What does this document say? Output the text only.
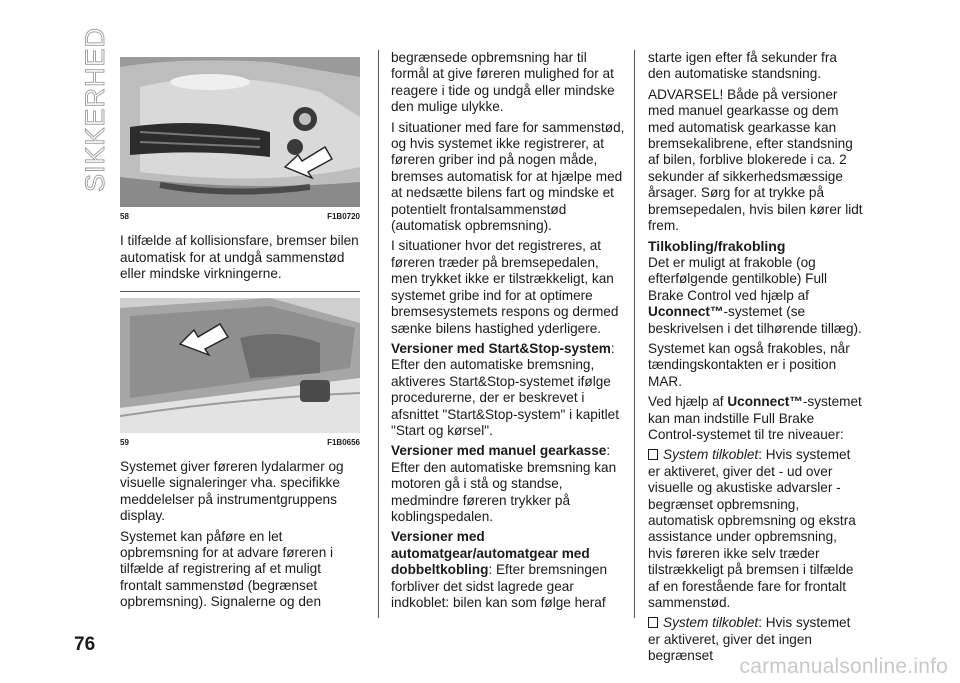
SIKKERHED
58	F1B0720

I tilfælde af kollisionsfare, bremser bilen automatisk for at undgå sammenstød eller mindske virkningerne.

59	F1B0656

Systemet giver føreren lydalarmer og visuelle signaleringer vha. specifikke meddelelser på instrumentgruppens display.

Systemet kan påføre en let opbremsning for at advare føreren i tilfælde af registrering af et muligt frontalt sammenstød (begrænset opbremsning). Signalerne og den

begrænsede opbremsning har til formål at give føreren mulighed for at reagere i tide og undgå eller mindske den mulige ulykke.

I situationer med fare for sammenstød, og hvis systemet ikke registrerer, at føreren griber ind på nogen måde, bremses automatisk for at hjælpe med at nedsætte bilens fart og mindske et potentielt frontalsammenstød (automatisk opbremsning).

I situationer hvor det registreres, at føreren træder på bremsepedalen, men trykket ikke er tilstrækkeligt, kan systemet gribe ind for at optimere bremsesystemets respons og dermed sænke bilens hastighed yderligere.

Versioner med Start&Stop-system: Efter den automatiske bremsning, aktiveres Start&Stop-systemet ifølge procedurerne, der er beskrevet i afsnittet "Start&Stop-system" i kapitlet "Start og kørsel".

Versioner med manuel gearkasse: Efter den automatiske bremsning kan motoren gå i stå og standse, medmindre føreren trykker på koblingspedalen.

Versioner med automatgear/automatgear med dobbeltkobling: Efter bremsningen forbliver det sidst lagrede gear indkoblet: bilen kan som følge heraf

starte igen efter få sekunder fra den automatiske standsning.

ADVARSEL! Både på versioner med manuel gearkasse og dem med automatisk gearkasse kan bremsekalibrene, efter standsning af bilen, forblive blokerede i ca. 2 sekunder af sikkerhedsmæssige årsager. Sørg for at trykke på bremsepedalen, hvis bilen kører lidt frem.

Tilkobling/frakobling

Det er muligt at frakoble (og efterfølgende gentilkoble) Full Brake Control ved hjælp af Uconnect™-systemet (se beskrivelsen i det tilhørende tillæg).

Systemet kan også frakobles, når tændingskontakten er i position MAR.

Ved hjælp af Uconnect™-systemet kan man indstille Full Brake Control-systemet til tre niveauer:

System tilkoblet: Hvis systemet er aktiveret, giver det - ud over visuelle og akustiske advarsler - begrænset opbremsning, automatisk opbremsning og ekstra assistance under opbremsning, hvis føreren ikke selv træder tilstrækkeligt på bremsen i tilfælde af en forestående fare for frontalt sammenstød.

System tilkoblet: Hvis systemet er aktiveret, giver det ingen begrænset

76
carmanualsonline.info
